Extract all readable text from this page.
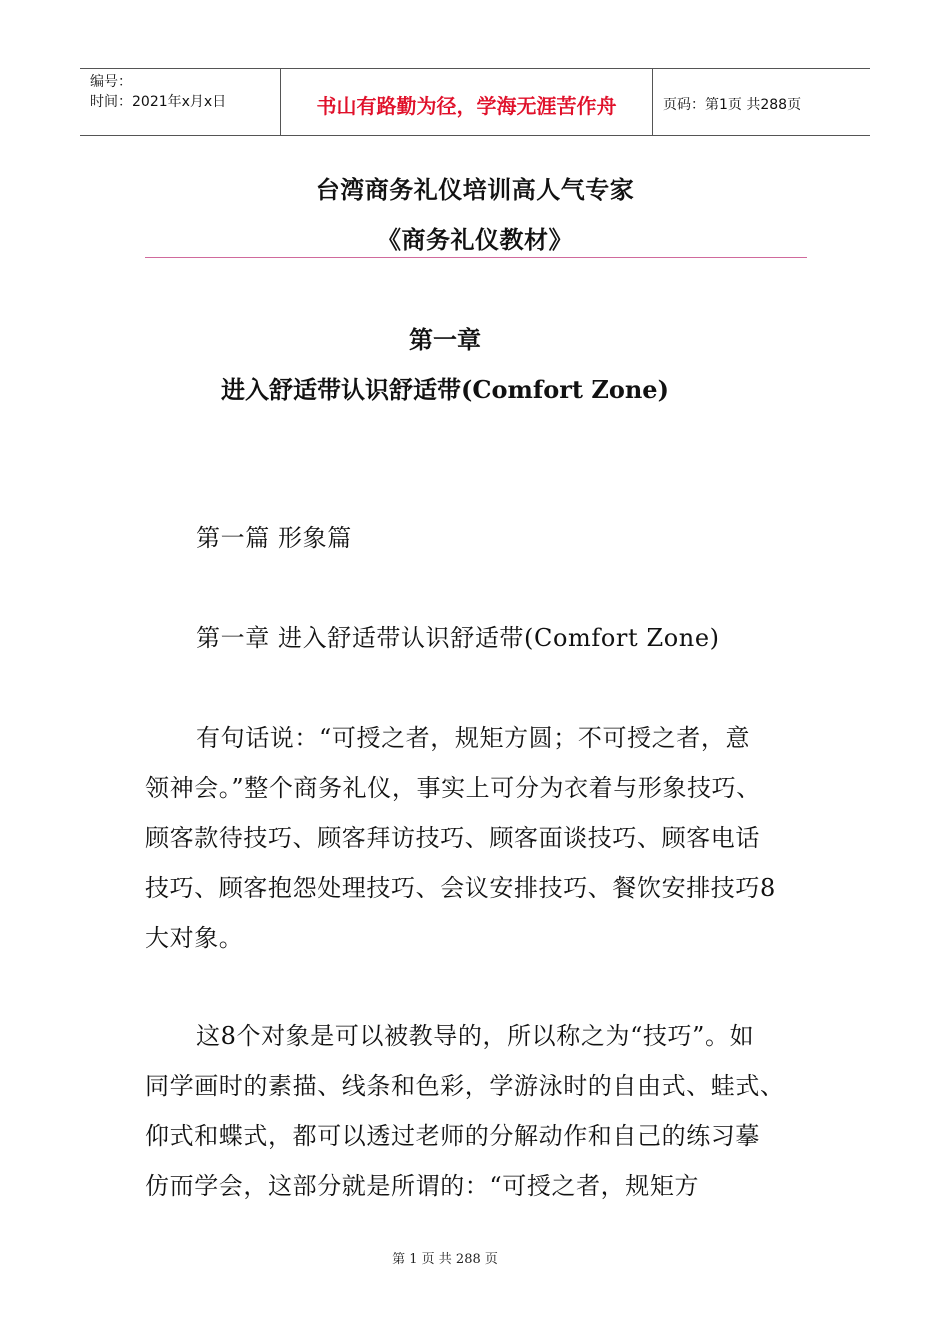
编号：
时间：2021年x月x日	书山有路勤为径，学海无涯苦作舟	页码：第1页 共288页
台湾商务礼仪培训高人气专家
《商务礼仪教材》
第一章
进入舒适带认识舒适带(Comfort Zone)
第一篇 形象篇
第一章 进入舒适带认识舒适带(Comfort Zone)
有句话说：“可授之者，规矩方圆；不可授之者，意
领神会。”整个商务礼仪，事实上可分为衣着与形象技巧、
顾客款待技巧、顾客拜访技巧、顾客面谈技巧、顾客电话
技巧、顾客抱怨处理技巧、会议安排技巧、餐饮安排技巧8
大对象。
这8个对象是可以被教导的，所以称之为“技巧”。如
同学画时的素描、线条和色彩，学游泳时的自由式、蛙式、
仰式和蝶式，都可以透过老师的分解动作和自己的练习摹
仿而学会，这部分就是所谓的：“可授之者，规矩方
第 1 页 共 288 页
